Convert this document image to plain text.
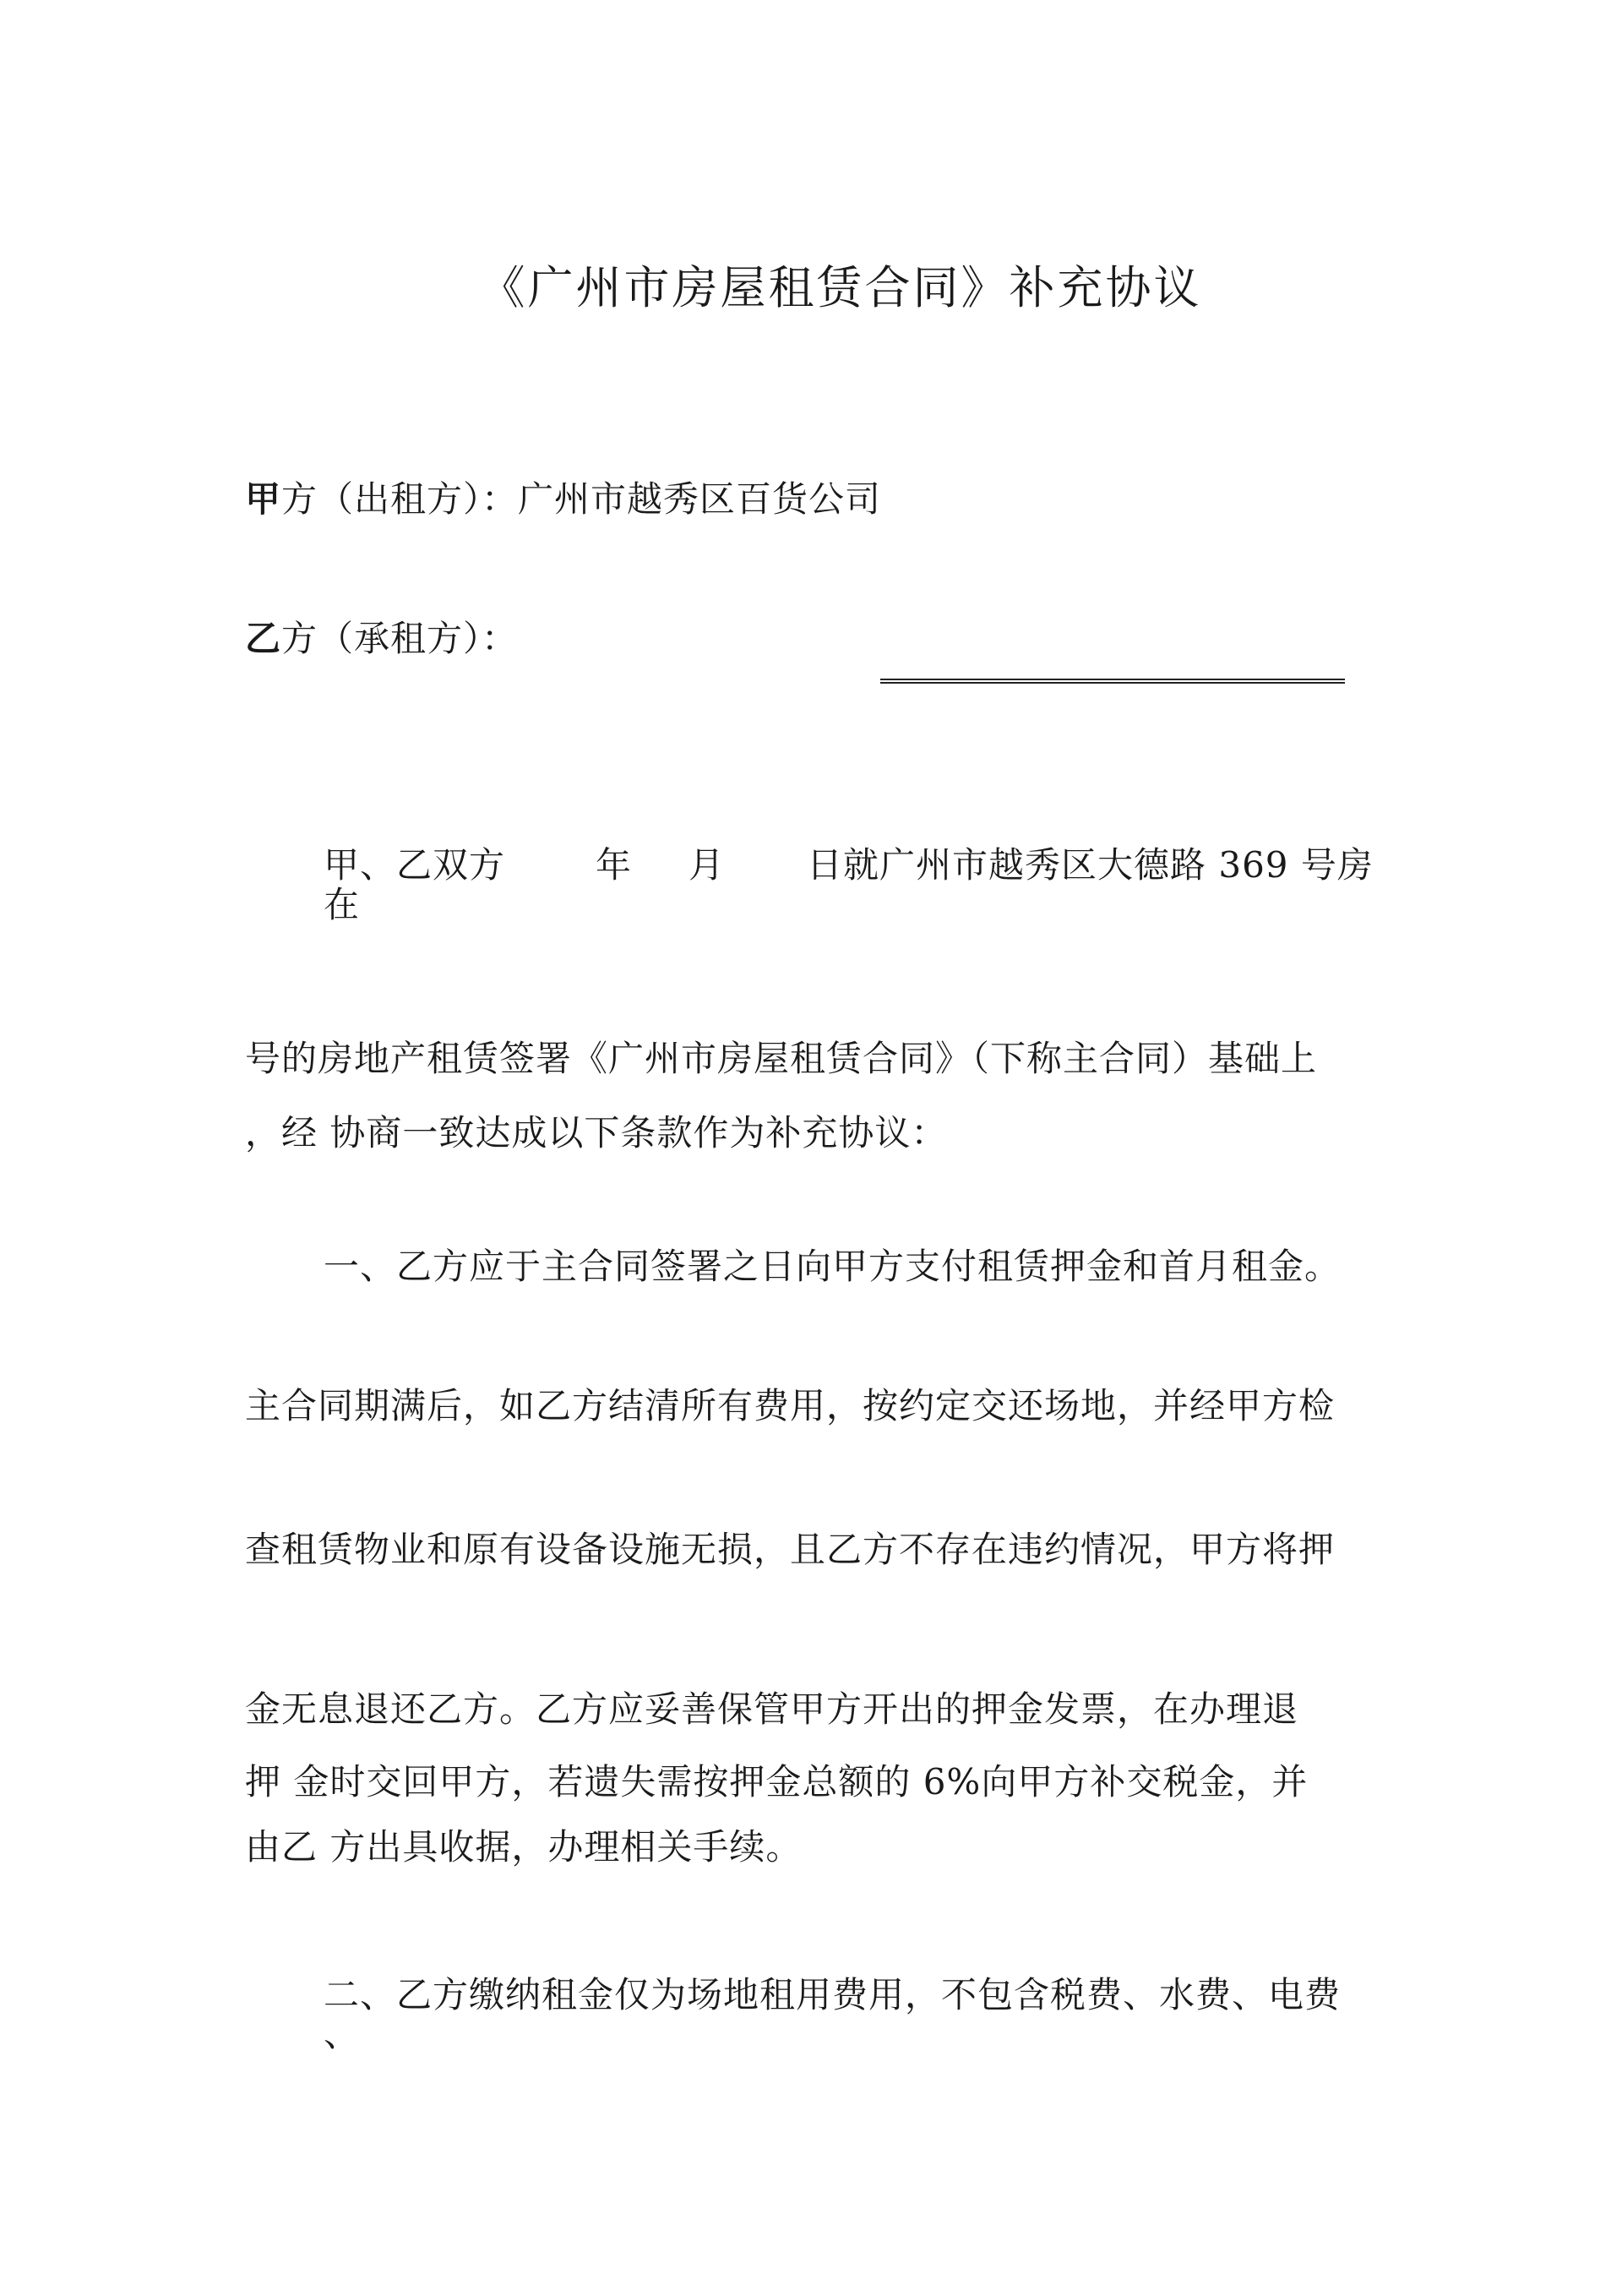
《广州市房屋租赁合同》补充协议
甲方（出租方）：广州市越秀区百货公司
乙方（承租方）：
甲、乙双方	年 月 日就广州市越秀区大德路 369 号房
在
号的房地产租赁签署《广州市房屋租赁合同》（下称主合同）基础上
，经 协商一致达成以下条款作为补充协议：
一、乙方应于主合同签署之日向甲方支付租赁押金和首月租金。
主合同期满后，如乙方结清所有费用，按约定交还场地，并经甲方检
查租赁物业和原有设备设施无损，且乙方不存在违约情况，甲方将押
金无息退还乙方。乙方应妥善保管甲方开出的押金发票，在办理退
押 金时交回甲方，若遗失需按押金总额的 6%向甲方补交税金，并
由乙 方出具收据，办理相关手续。
二、乙方缴纳租金仅为场地租用费用，不包含税费、水费、电费
、
